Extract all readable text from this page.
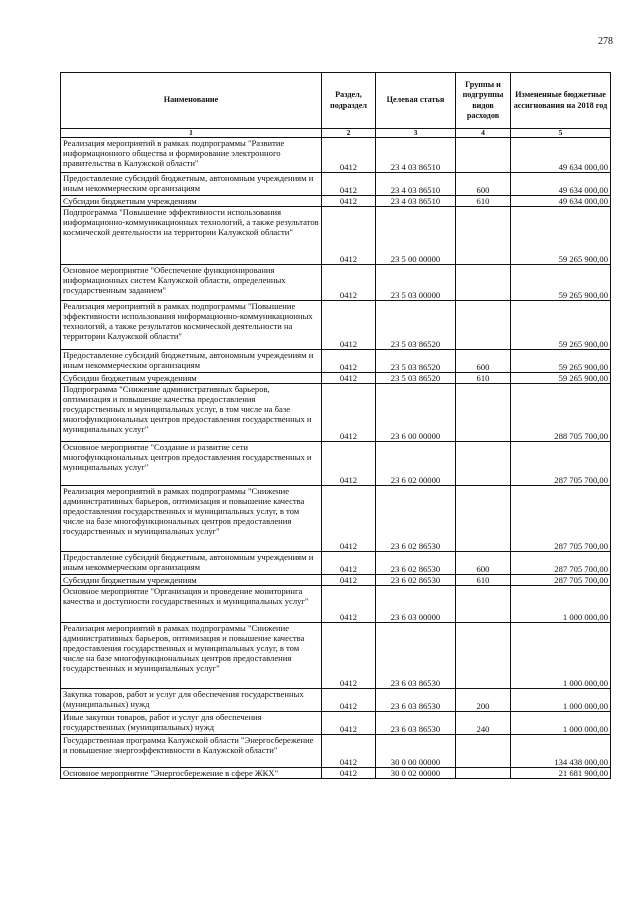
278
Наименование	Раздел, подраздел	Целевая статья	Группы и подгруппы видов расходов	Измененные бюджетные ассигнования на 2018 год
1	2	3	4	5
Реализация мероприятий в рамках подпрограммы "Развитие информационного общества и формирование электронного правительства в Калужской области"	0412	23 4 03 86510		49 634 000,00
Предоставление субсидий бюджетным, автономным учреждениям и иным некоммерческим организациям	0412	23 4 03 86510	600	49 634 000,00
Субсидии бюджетным учреждениям	0412	23 4 03 86510	610	49 634 000,00
Подпрограмма "Повышение эффективности использования информационно-коммуникационных технологий, а также результатов космической деятельности на территории Калужской области"	0412	23 5 00 00000		59 265 900,00
Основное мероприятие "Обеспечение функционирования информационных систем Калужской области, определенных государственным заданием"	0412	23 5 03 00000		59 265 900,00
Реализация мероприятий в рамках подпрограммы "Повышение эффективности использования информационно-коммуникационных технологий, а также результатов космической деятельности на территории Калужской области"	0412	23 5 03 86520		59 265 900,00
Предоставление субсидий бюджетным, автономным учреждениям и иным некоммерческим организациям	0412	23 5 03 86520	600	59 265 900,00
Субсидии бюджетным учреждениям	0412	23 5 03 86520	610	59 265 900,00
Подпрограмма "Снижение административных барьеров, оптимизация и повышение качества предоставления государственных и муниципальных услуг, в том числе на базе многофункциональных центров предоставления государственных и муниципальных услуг"	0412	23 6 00 00000		288 705 700,00
Основное мероприятие "Создание и развитие сети многофункциональных центров предоставления государственных и муниципальных услуг"	0412	23 6 02 00000		287 705 700,00
Реализация мероприятий в рамках подпрограммы "Снижение административных барьеров, оптимизация и повышение качества предоставления государственных и муниципальных услуг, в том числе на базе многофункциональных центров предоставления государственных и муниципальных услуг"	0412	23 6 02 86530		287 705 700,00
Предоставление субсидий бюджетным, автономным учреждениям и иным некоммерческим организациям	0412	23 6 02 86530	600	287 705 700,00
Субсидии бюджетным учреждениям	0412	23 6 02 86530	610	287 705 700,00
Основное мероприятие "Организация и проведение мониторинга качества и доступности государственных и муниципальных услуг"	0412	23 6 03 00000		1 000 000,00
Реализация мероприятий в рамках подпрограммы "Снижение административных барьеров, оптимизация и повышение качества предоставления государственных и муниципальных услуг, в том числе на базе многофункциональных центров предоставления государственных и муниципальных услуг"	0412	23 6 03 86530		1 000 000,00
Закупка товаров, работ и услуг для обеспечения государственных (муниципальных) нужд	0412	23 6 03 86530	200	1 000 000,00
Иные закупки товаров, работ и услуг для обеспечения государственных (муниципальных) нужд	0412	23 6 03 86530	240	1 000 000,00
Государственная программа Калужской области "Энергосбережение и повышение энергоэффективности в Калужской области"	0412	30 0 00 00000		134 438 000,00
Основное мероприятие "Энергосбережение в сфере ЖКХ"	0412	30 0 02 00000		21 681 900,00
